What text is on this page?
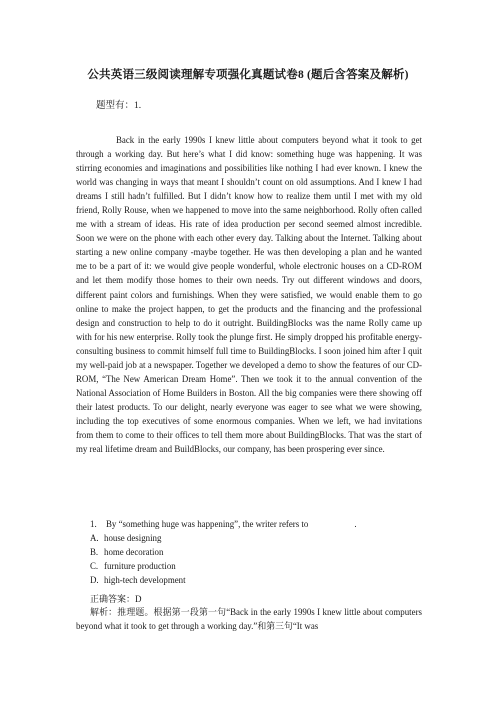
公共英语三级阅读理解专项强化真题试卷8 (题后含答案及解析)

题型有：1.

Back in the early 1990s I knew little about computers beyond what it took to get through a working day. But here’s what I did know: something huge was happening. It was stirring economies and imaginations and possibilities like nothing I had ever known. I knew the world was changing in ways that meant I shouldn’t count on old assumptions. And I knew I had dreams I still hadn’t fulfilled. But I didn’t know how to realize them until I met with my old friend, Rolly Rouse, when we happened to move into the same neighborhood. Rolly often called me with a stream of ideas. His rate of idea production per second seemed almost incredible. Soon we were on the phone with each other every day. Talking about the Internet. Talking about starting a new online company -maybe together. He was then developing a plan and he wanted me to be a part of it: we would give people wonderful, whole electronic houses on a CD-ROM and let them modify those homes to their own needs. Try out different windows and doors, different paint colors and furnishings. When they were satisfied, we would enable them to go online to make the project happen, to get the products and the financing and the professional design and construction to help to do it outright. BuildingBlocks was the name Rolly came up with for his new enterprise. Rolly took the plunge first. He simply dropped his profitable energy-consulting business to commit himself full time to BuildingBlocks. I soon joined him after I quit my well-paid job at a newspaper. Together we developed a demo to show the features of our CD-ROM, “The New American Dream Home”. Then we took it to the annual convention of the National Association of Home Builders in Boston. All the big companies were there showing off their latest products. To our delight, nearly everyone was eager to see what we were showing, including the top executives of some enormous companies. When we left, we had invitations from them to come to their offices to tell them more about BuildingBlocks. That was the start of my real lifetime dream and BuildBlocks, our company, has been prospering ever since.

1. By “something huge was happening”, the writer refers to	.

A. house designing
B. home decoration
C. furniture production
D. high-tech development

正确答案：D

解析：推理题。根据第一段第一句“Back in the early 1990s I knew little about computers beyond what it took to get through a working day.”和第三句“It was
